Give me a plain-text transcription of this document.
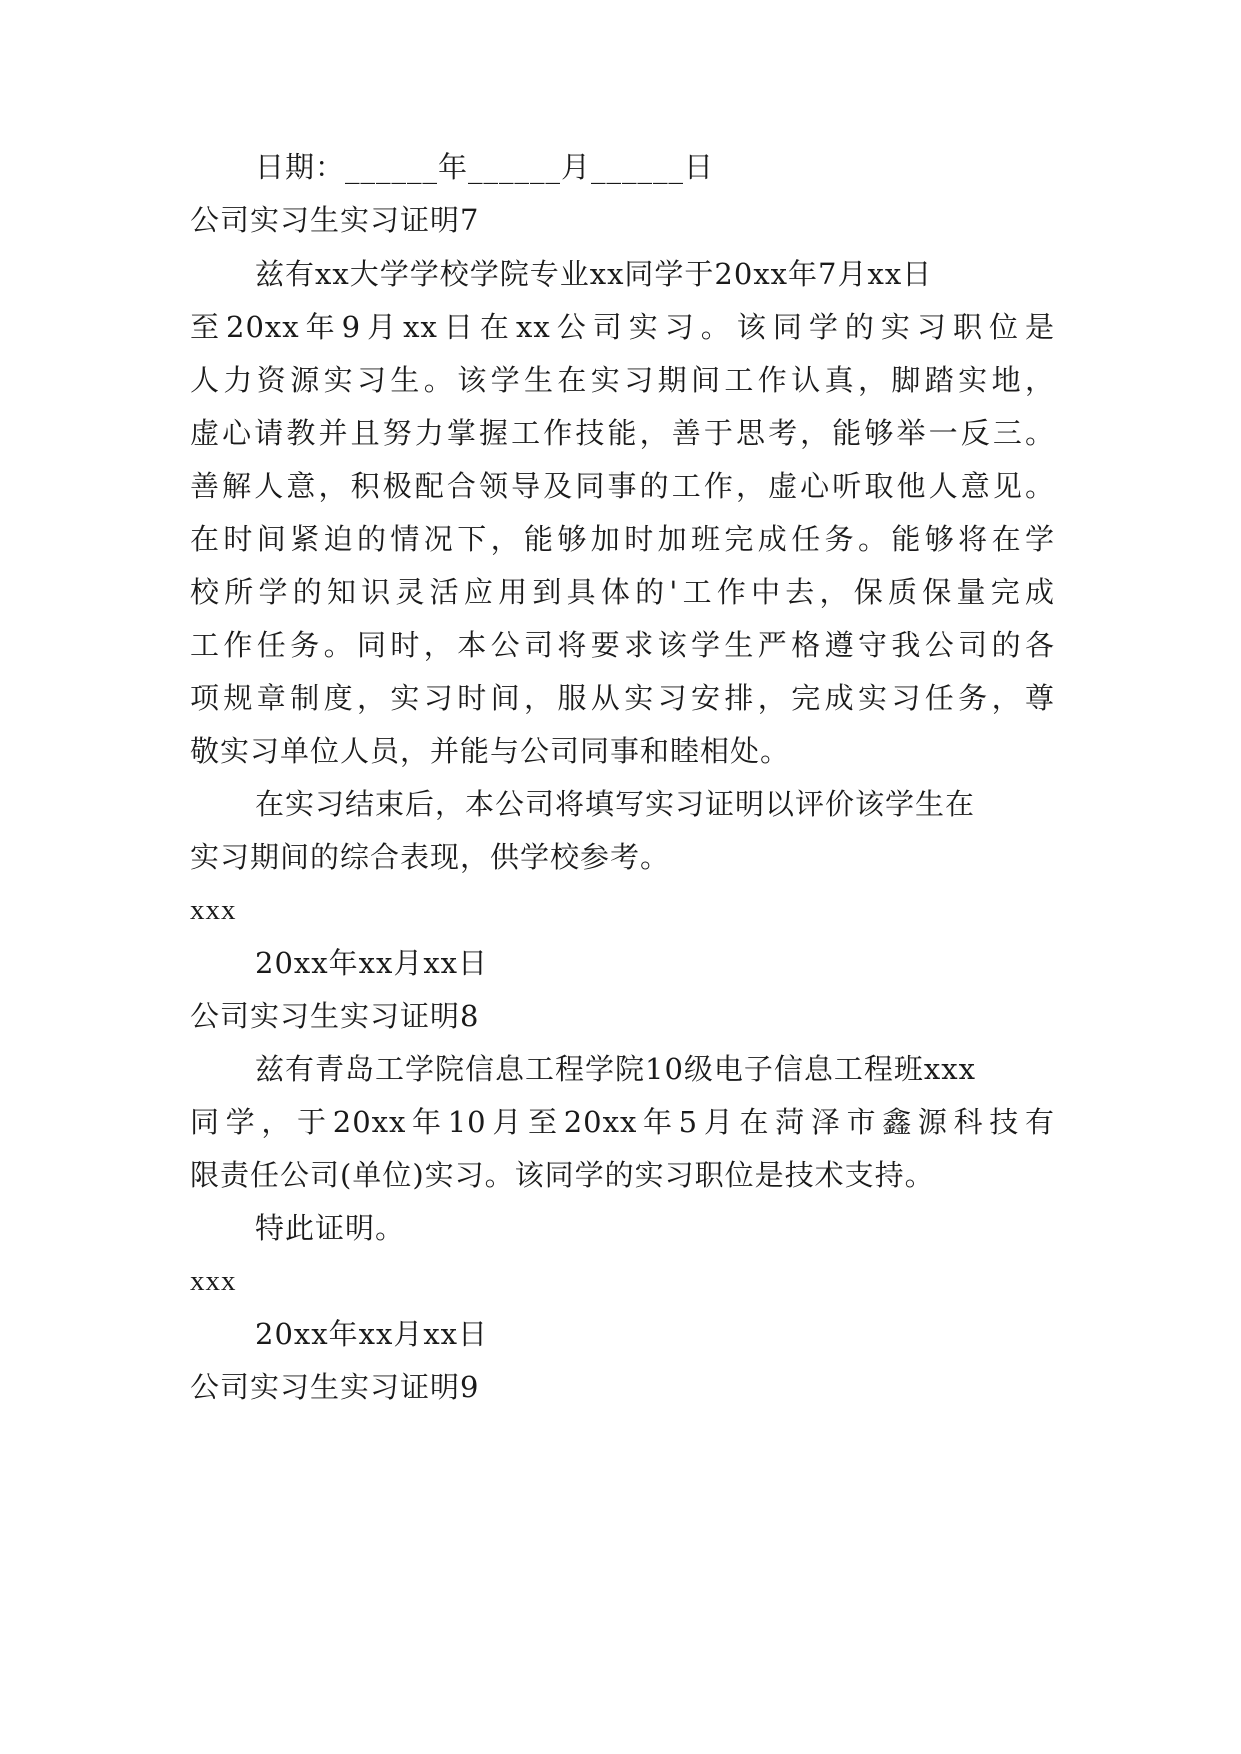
日期：______年______月______日
公司实习生实习证明7
兹有xx大学学校学院专业xx同学于20xx年7月xx日
至20xx年9月xx日在xx公司实习。该同学的实习职位是
人力资源实习生。该学生在实习期间工作认真，脚踏实地，
虚心请教并且努力掌握工作技能，善于思考，能够举一反三。
善解人意，积极配合领导及同事的工作，虚心听取他人意见。
在时间紧迫的情况下，能够加时加班完成任务。能够将在学
校所学的知识灵活应用到具体的'工作中去，保质保量完成
工作任务。同时，本公司将要求该学生严格遵守我公司的各
项规章制度，实习时间，服从实习安排，完成实习任务，尊
敬实习单位人员，并能与公司同事和睦相处。
在实习结束后，本公司将填写实习证明以评价该学生在
实习期间的综合表现，供学校参考。
xxx
20xx年xx月xx日
公司实习生实习证明8
兹有青岛工学院信息工程学院10级电子信息工程班xxx
同学，于20xx年10月至20xx年5月在菏泽市鑫源科技有
限责任公司(单位)实习。该同学的实习职位是技术支持。
特此证明。
xxx
20xx年xx月xx日
公司实习生实习证明9
